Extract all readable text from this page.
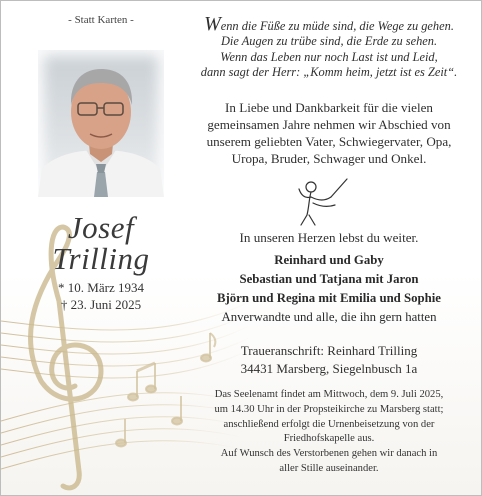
- Statt Karten -
Josef
Trilling
* 10. März 1934
† 23. Juni 2025
Wenn die Füße zu müde sind, die Wege zu gehen.
Die Augen zu trübe sind, die Erde zu sehen.
Wenn das Leben nur noch Last ist und Leid,
dann sagt der Herr: „Komm heim, jetzt ist es Zeit“.
In Liebe und Dankbarkeit für die vielen
gemeinsamen Jahre nehmen wir Abschied von
unserem geliebten Vater, Schwiegervater, Opa,
Uropa, Bruder, Schwager und Onkel.
In unseren Herzen lebst du weiter.
Reinhard und Gaby
Sebastian und Tatjana mit Jaron
Björn und Regina mit Emilia und Sophie
Anverwandte und alle, die ihn gern hatten
Traueranschrift: Reinhard Trilling
34431 Marsberg, Siegelnbusch 1a
Das Seelenamt findet am Mittwoch, dem 9. Juli 2025,
um 14.30 Uhr in der Propsteikirche zu Marsberg statt;
anschließend erfolgt die Urnenbeisetzung von der
Friedhofskapelle aus.
Auf Wunsch des Verstorbenen gehen wir danach in
aller Stille auseinander.
